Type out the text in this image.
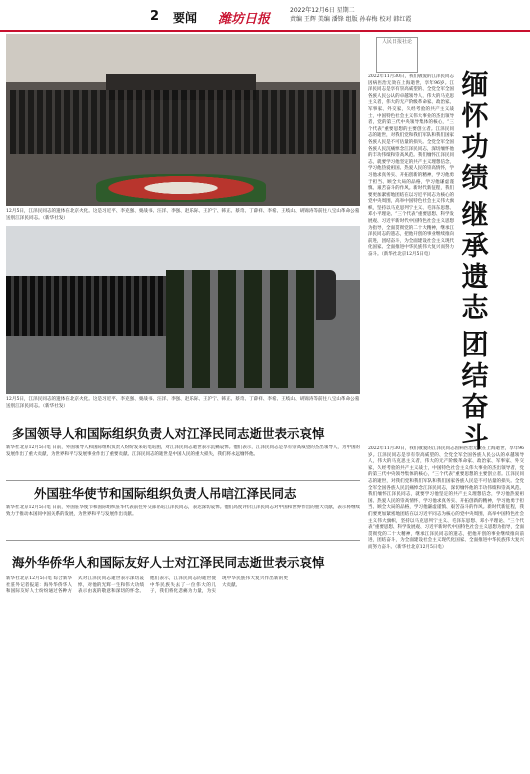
2 要闻 潍坊日报
2022年12月6日 星期二
责编 王辉 美编 潘锋 组版 孙春梅 校对 韩红霞
12月5日，江泽民同志的遗体在北京火化。这是习近平、李克强、栗战书、汪洋、李强、赵乐际、王沪宁、韩正、蔡奇、丁薛祥、李希、王岐山、胡锦涛等前往八宝山革命公墓送别江泽民同志。（新华社发）
12月5日，江泽民同志的遗体在北京火化。这是习近平、李克强、栗战书、汪洋、李强、赵乐际、王沪宁、韩正、蔡奇、丁薛祥、李希、王岐山、胡锦涛等前往八宝山革命公墓送别江泽民同志。（新华社发）
多国领导人和国际组织负责人对江泽民同志逝世表示哀悼
新华社北京12月5日电 日前，外国领导人和国际组织负责人纷纷发来唁电唁函，对江泽民同志逝世表示沉痛哀悼。他们表示，江泽民同志是享有崇高威望的杰出领导人，为中国的发展作出了重大贡献，为世界和平与发展事业作出了重要贡献。江泽民同志的逝世是中国人民的重大损失，我们将永远缅怀他。
外国驻华使节和国际组织负责人吊唁江泽民同志
新华社北京12月5日电 日前，外国驻华使节和国际组织驻华代表前往外交部吊唁江泽民同志，表达深切哀悼。他们高度评价江泽民同志对中国和世界作出的重大贡献，表示将继续致力于推动本国同中国关系的发展，为世界和平与发展作出贡献。
海外华侨华人和国际友好人士对江泽民同志逝世表示哀悼
新华社北京12月5日电 综合新华社驻外记者报道：海外华侨华人和国际友好人士纷纷通过各种方式对江泽民同志逝世表示深切哀悼，对他的光辉一生和伟大功绩表示由衷的敬意和深切的怀念。他们表示，江泽民同志的逝世使中华民族失去了一位伟大的儿子，我们将化悲痛为力量，为实现中华民族伟大复兴作出新的更大贡献。
人民日报社论
缅
怀
功
绩
继
承
遗
志
团
结
奋
斗
2022年11月30日，我们敬爱的江泽民同志因病医治无效在上海逝世，享年96岁。江泽民同志是享有崇高威望的、全党全军全国各族人民公认的卓越领导人，伟大的马克思主义者，伟大的无产阶级革命家、政治家、军事家、外交家，久经考验的共产主义战士，中国特色社会主义伟大事业的杰出领导者，党的第三代中央领导集体的核心，“三个代表”重要思想的主要创立者。江泽民同志的逝世，对我们党和我们军队和我们国家各族人民是不可估量的损失。全党全军全国各族人民沉痛悼念江泽民同志，深切缅怀他的丰功伟绩和崇高风范。我们缅怀江泽民同志，就要学习他坚定的共产主义理想信念，学习他热爱祖国、热爱人民的崇高情怀，学习他求真务实、开拓创新的精神，学习他勇于担当、顾全大局的品格，学习他谦虚谨慎、艰苦奋斗的作风。新时代新征程，我们要更加紧密地团结在以习近平同志为核心的党中央周围，高举中国特色社会主义伟大旗帜，坚持以马克思列宁主义、毛泽东思想、邓小平理论、“三个代表”重要思想、科学发展观、习近平新时代中国特色社会主义思想为指导，全面贯彻党的二十大精神，继承江泽民同志的遗志，把他开创的事业继续推向前进，团结奋斗，为全面建设社会主义现代化国家、全面推进中华民族伟大复兴而努力奋斗。（新华社北京12月5日电）
2022年11月30日，我们敬爱的江泽民同志因病医治无效在上海逝世，享年96岁。江泽民同志是享有崇高威望的、全党全军全国各族人民公认的卓越领导人，伟大的马克思主义者，伟大的无产阶级革命家、政治家、军事家、外交家，久经考验的共产主义战士，中国特色社会主义伟大事业的杰出领导者，党的第三代中央领导集体的核心，“三个代表”重要思想的主要创立者。江泽民同志的逝世，对我们党和我们军队和我们国家各族人民是不可估量的损失。全党全军全国各族人民沉痛悼念江泽民同志，深切缅怀他的丰功伟绩和崇高风范。我们缅怀江泽民同志，就要学习他坚定的共产主义理想信念，学习他热爱祖国、热爱人民的崇高情怀，学习他求真务实、开拓创新的精神，学习他勇于担当、顾全大局的品格，学习他谦虚谨慎、艰苦奋斗的作风。新时代新征程，我们要更加紧密地团结在以习近平同志为核心的党中央周围，高举中国特色社会主义伟大旗帜，坚持以马克思列宁主义、毛泽东思想、邓小平理论、“三个代表”重要思想、科学发展观、习近平新时代中国特色社会主义思想为指导，全面贯彻党的二十大精神，继承江泽民同志的遗志，把他开创的事业继续推向前进，团结奋斗，为全面建设社会主义现代化国家、全面推进中华民族伟大复兴而努力奋斗。（新华社北京12月5日电）
